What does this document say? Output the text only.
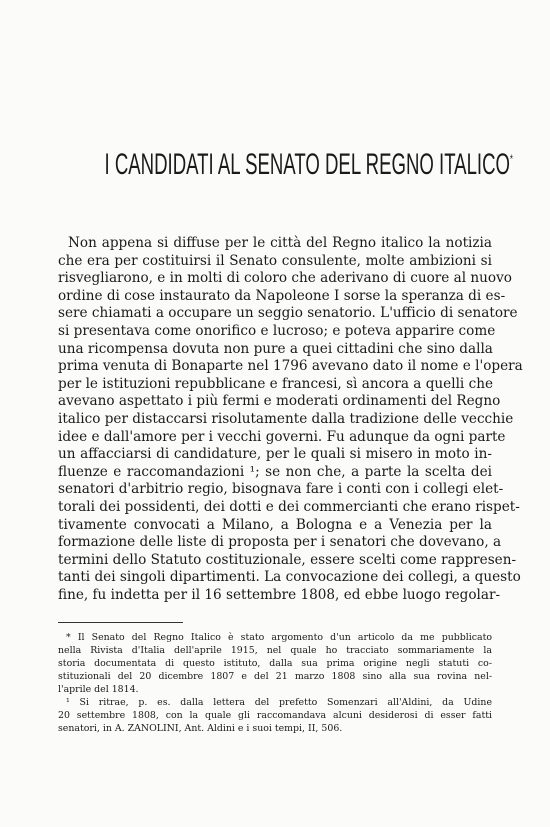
I CANDIDATI AL SENATO DEL REGNO ITALICO*
Non appena si diffuse per le città del Regno italico la notizia
che era per costituirsi il Senato consulente, molte ambizioni si
risvegliarono, e in molti di coloro che aderivano di cuore al nuovo
ordine di cose instaurato da Napoleone I sorse la speranza di es-
sere chiamati a occupare un seggio senatorio. L'ufficio di senatore
si presentava come onorifico e lucroso; e poteva apparire come
una ricompensa dovuta non pure a quei cittadini che sino dalla
prima venuta di Bonaparte nel 1796 avevano dato il nome e l'opera
per le istituzioni repubblicane e francesi, sì ancora a quelli che
avevano aspettato i più fermi e moderati ordinamenti del Regno
italico per distaccarsi risolutamente dalla tradizione delle vecchie
idee e dall'amore per i vecchi governi. Fu adunque da ogni parte
un affacciarsi di candidature, per le quali si misero in moto in-
fluenze e raccomandazioni ¹; se non che, a parte la scelta dei
senatori d'arbitrio regio, bisognava fare i conti con i collegi elet-
torali dei possidenti, dei dotti e dei commercianti che erano rispet-
tivamente convocati a Milano, a Bologna e a Venezia per la
formazione delle liste di proposta per i senatori che dovevano, a
termini dello Statuto costituzionale, essere scelti come rappresen-
tanti dei singoli dipartimenti. La convocazione dei collegi, a questo
fine, fu indetta per il 16 settembre 1808, ed ebbe luogo regolar-
* Il Senato del Regno Italico è stato argomento d'un articolo da me pubblicato
nella Rivista d'Italia dell'aprile 1915, nel quale ho tracciato sommariamente la
storia documentata di questo istituto, dalla sua prima origine negli statuti co-
stituzionali del 20 dicembre 1807 e del 21 marzo 1808 sino alla sua rovina nel-
l'aprile del 1814.
¹ Si ritrae, p. es. dalla lettera del prefetto Somenzari all'Aldini, da Udine
20 settembre 1808, con la quale gli raccomandava alcuni desiderosi di esser fatti
senatori, in A. ZANOLINI, Ant. Aldini e i suoi tempi, II, 506.
